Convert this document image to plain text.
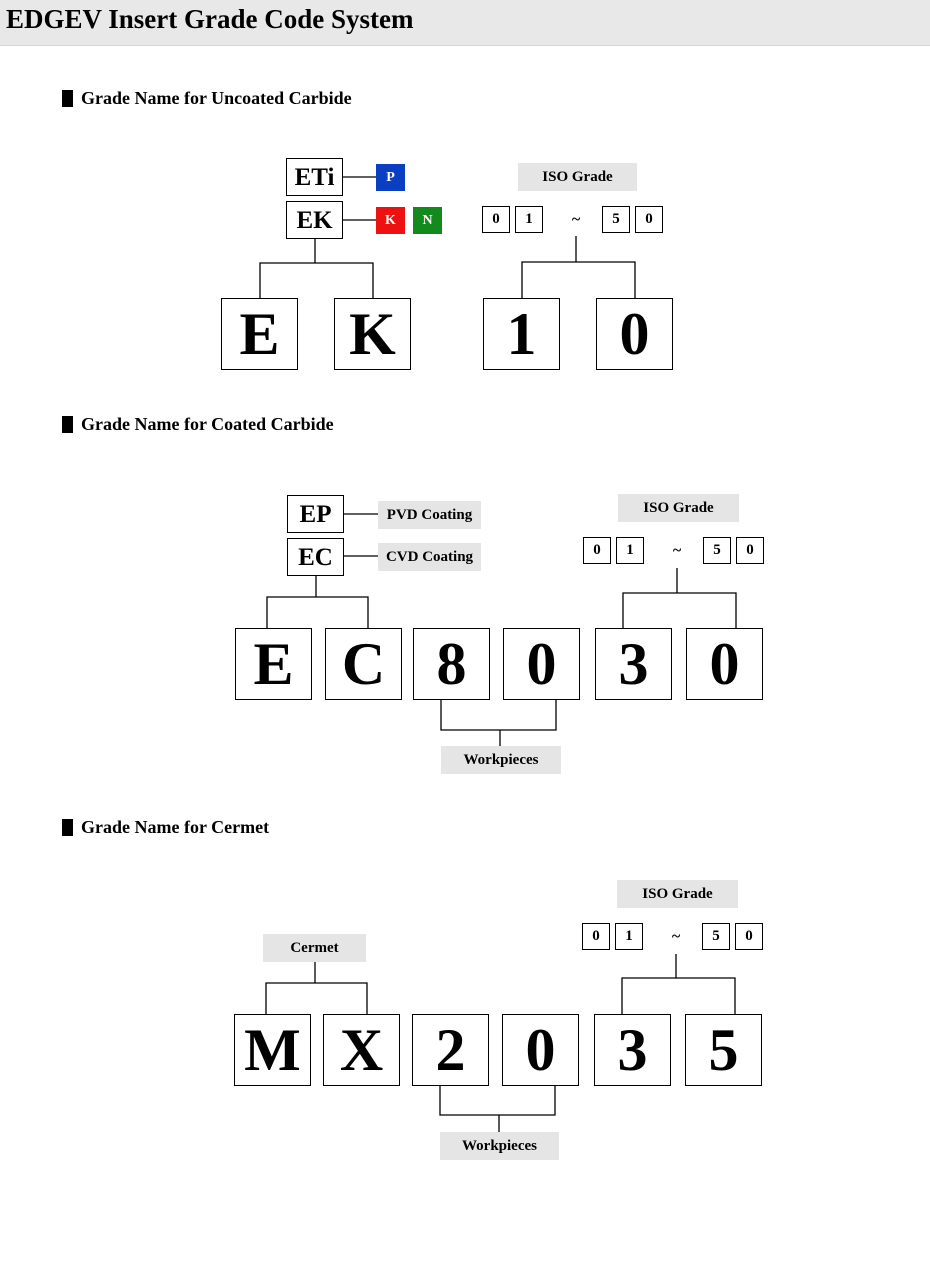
EDGEV Insert Grade Code System
Grade Name for Uncoated Carbide
ETi
EK
P
K N
ISO Grade
0	1	~	5	0
E	K	1	0
Grade Name for Coated Carbide
EP
EC
PVD Coating
CVD Coating
ISO Grade
0	1	~	5	0
E C 8	0	3	0
Workpieces
Grade Name for Cermet
ISO Grade
0	1	~	5	0
Cermet
M X 2	0	3	5
Workpieces
